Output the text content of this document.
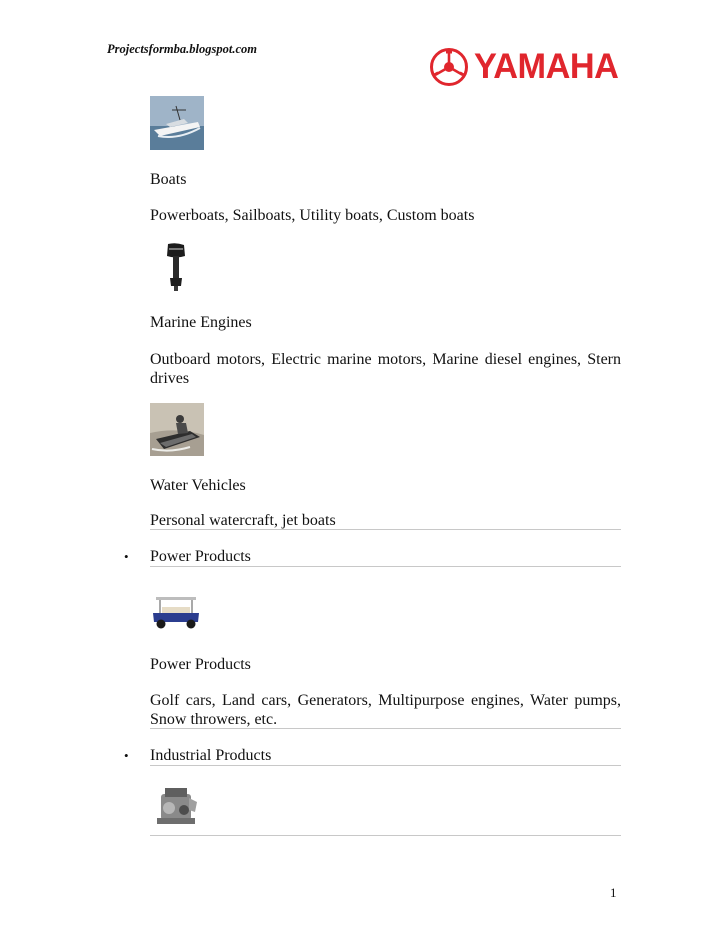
Projectsformba.blogspot.com	YAMAHA
Boats
Powerboats, Sailboats, Utility boats, Custom boats
Marine Engines
Outboard motors, Electric marine motors, Marine diesel engines, Stern drives
Water Vehicles
Personal watercraft, jet boats
• Power Products
Power Products
Golf cars, Land cars, Generators, Multipurpose engines, Water pumps, Snow throwers, etc.
• Industrial Products
1
